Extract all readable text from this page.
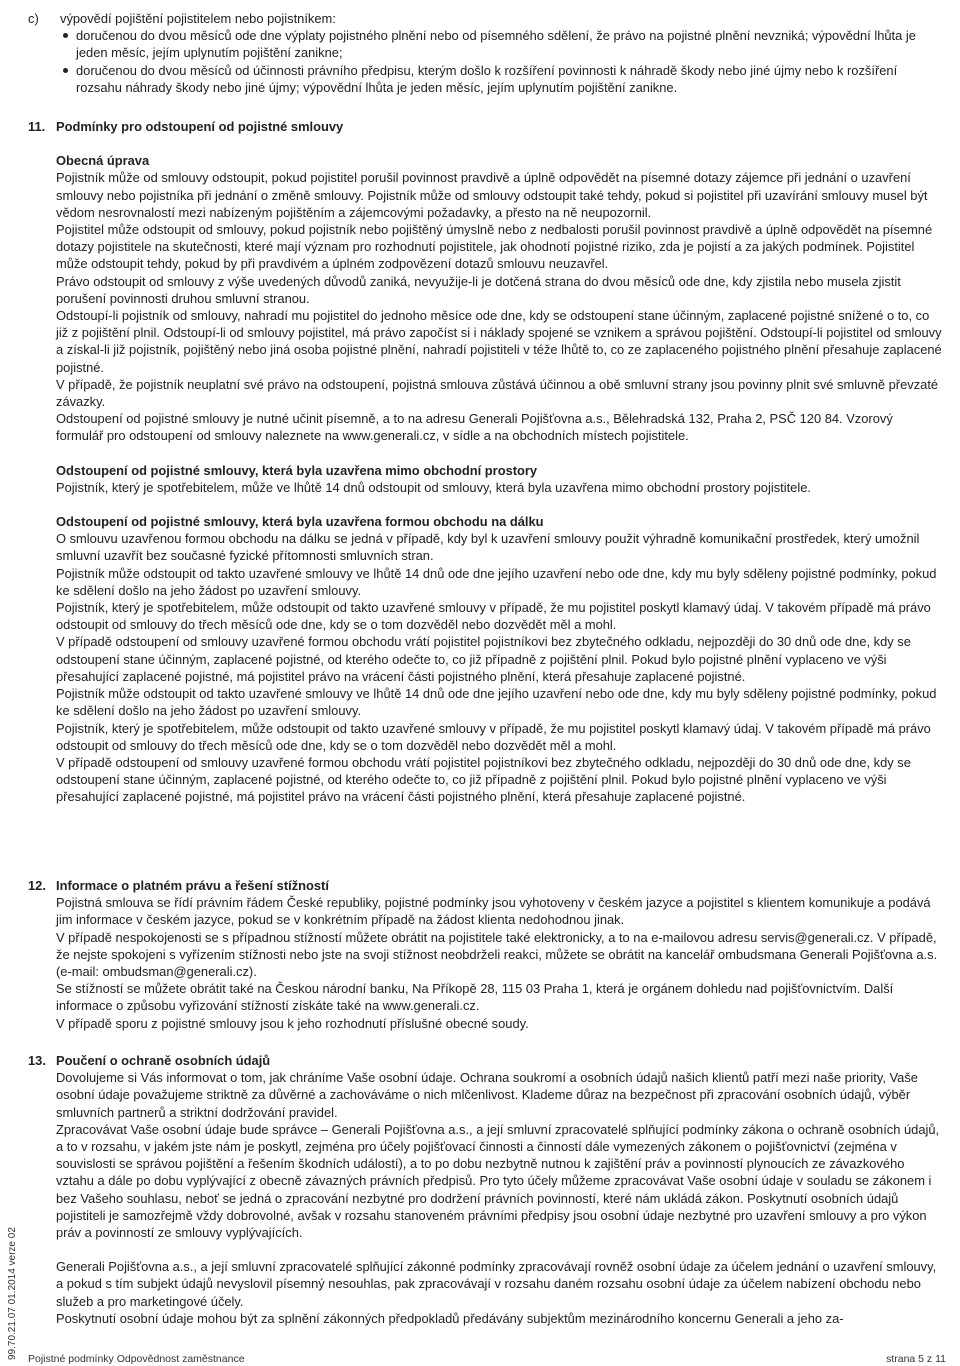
c)	výpovědí pojištění pojistitelem nebo pojistníkem:
doručenou do dvou měsíců ode dne výplaty pojistného plnění nebo od písemného sdělení, že právo na pojistné plnění nevzniká; výpovědní lhůta je jeden měsíc, jejím uplynutím pojištění zanikne;
doručenou do dvou měsíců od účinnosti právního předpisu, kterým došlo k rozšíření povinnosti k náhradě škody nebo jiné újmy nebo k rozšíření rozsahu náhrady škody nebo jiné újmy; výpovědní lhůta je jeden měsíc, jejím uplynutím pojištění zanikne.
11. Podmínky pro odstoupení od pojistné smlouvy

Obecná úprava

Pojistník může od smlouvy odstoupit, pokud pojistitel porušil povinnost pravdivě a úplně odpovědět na písemné dotazy zájemce při jednání o uzavření smlouvy nebo pojistníka při jednání o změně smlouvy. Pojistník může od smlouvy odstoupit také tehdy, pokud si pojistitel při uzavírání smlouvy musel být vědom nesrovnalostí mezi nabízeným pojištěním a zájemcovými požadavky, a přesto na ně neupozornil.

Pojistitel může odstoupit od smlouvy, pokud pojistník nebo pojištěný úmyslně nebo z nedbalosti porušil povinnost pravdivě a úplně odpovědět na písemné dotazy pojistitele na skutečnosti, které mají význam pro rozhodnutí pojistitele, jak ohodnotí pojistné riziko, zda je pojistí a za jakých podmínek. Pojistitel může odstoupit tehdy, pokud by při pravdivém a úplném zodpovězení dotazů smlouvu neuzavřel.

Právo odstoupit od smlouvy z výše uvedených důvodů zaniká, nevyužije-li je dotčená strana do dvou měsíců ode dne, kdy zjistila nebo musela zjistit porušení povinnosti druhou smluvní stranou.

Odstoupí-li pojistník od smlouvy, nahradí mu pojistitel do jednoho měsíce ode dne, kdy se odstoupení stane účinným, zaplacené pojistné snížené o to, co již z pojištění plnil. Odstoupí-li od smlouvy pojistitel, má právo započíst si i náklady spojené se vznikem a správou pojištění. Odstoupí-li pojistitel od smlouvy a získal-li již pojistník, pojištěný nebo jiná osoba pojistné plnění, nahradí pojistiteli v téže lhůtě to, co ze zaplaceného pojistného plnění přesahuje zaplacené pojistné.

V případě, že pojistník neuplatní své právo na odstoupení, pojistná smlouva zůstává účinnou a obě smluvní strany jsou povinny plnit své smluvně převzaté závazky.

Odstoupení od pojistné smlouvy je nutné učinit písemně, a to na adresu Generali Pojišťovna a.s., Bělehradská 132, Praha 2, PSČ 120 84. Vzorový formulář pro odstoupení od smlouvy naleznete na www.generali.cz, v sídle a na obchodních místech pojistitele.

Odstoupení od pojistné smlouvy, která byla uzavřena mimo obchodní prostory

Pojistník, který je spotřebitelem, může ve lhůtě 14 dnů odstoupit od smlouvy, která byla uzavřena mimo obchodní prostory pojistitele.

Odstoupení od pojistné smlouvy, která byla uzavřena formou obchodu na dálku

O smlouvu uzavřenou formou obchodu na dálku se jedná v případě, kdy byl k uzavření smlouvy použit výhradně komunikační prostředek, který umožnil smluvní uzavřít bez současné fyzické přítomnosti smluvních stran.

Pojistník může odstoupit od takto uzavřené smlouvy ve lhůtě 14 dnů ode dne jejího uzavření nebo ode dne, kdy mu byly sděleny pojistné podmínky, pokud ke sdělení došlo na jeho žádost po uzavření smlouvy.

Pojistník, který je spotřebitelem, může odstoupit od takto uzavřené smlouvy v případě, že mu pojistitel poskytl klamavý údaj. V takovém případě má právo odstoupit od smlouvy do třech měsíců ode dne, kdy se o tom dozvěděl nebo dozvědět měl a mohl.

V případě odstoupení od smlouvy uzavřené formou obchodu vrátí pojistitel pojistníkovi bez zbytečného odkladu, nejpozději do 30 dnů ode dne, kdy se odstoupení stane účinným, zaplacené pojistné, od kterého odečte to, co již případně z pojištění plnil. Pokud bylo pojistné plnění vyplaceno ve výši přesahující zaplacené pojistné, má pojistitel právo na vrácení části pojistného plnění, která přesahuje zaplacené pojistné.

Pojistník může odstoupit od takto uzavřené smlouvy ve lhůtě 14 dnů ode dne jejího uzavření nebo ode dne, kdy mu byly sděleny pojistné podmínky, pokud ke sdělení došlo na jeho žádost po uzavření smlouvy.

Pojistník, který je spotřebitelem, může odstoupit od takto uzavřené smlouvy v případě, že mu pojistitel poskytl klamavý údaj. V takovém případě má právo odstoupit od smlouvy do třech měsíců ode dne, kdy se o tom dozvěděl nebo dozvědět měl a mohl.

V případě odstoupení od smlouvy uzavřené formou obchodu vrátí pojistitel pojistníkovi bez zbytečného odkladu, nejpozději do 30 dnů ode dne, kdy se odstoupení stane účinným, zaplacené pojistné, od kterého odečte to, co již případně z pojištění plnil. Pokud bylo pojistné plnění vyplaceno ve výši přesahující zaplacené pojistné, má pojistitel právo na vrácení části pojistného plnění, která přesahuje zaplacené pojistné.

12. Informace o platném právu a řešení stížností

Pojistná smlouva se řídí právním řádem České republiky, pojistné podmínky jsou vyhotoveny v českém jazyce a pojistitel s klientem komunikuje a podává jim informace v českém jazyce, pokud se v konkrétním případě na žádost klienta nedohodnou jinak.

V případě nespokojenosti se s případnou stížností můžete obrátit na pojistitele také elektronicky, a to na e-mailovou adresu servis@generali.cz. V případě, že nejste spokojeni s vyřízením stížnosti nebo jste na svoji stížnost neobdrželi reakci, můžete se obrátit na kancelář ombudsmana Generali Pojišťovna a.s. (e-mail: ombudsman@generali.cz).

Se stížností se můžete obrátit také na Českou národní banku, Na Příkopě 28, 115 03 Praha 1, která je orgánem dohledu nad pojišťovnictvím. Další informace o způsobu vyřizování stížností získáte také na www.generali.cz.

V případě sporu z pojistné smlouvy jsou k jeho rozhodnutí příslušné obecné soudy.

13. Poučení o ochraně osobních údajů

Dovolujeme si Vás informovat o tom, jak chráníme Vaše osobní údaje. Ochrana soukromí a osobních údajů našich klientů patří mezi naše priority, Vaše osobní údaje považujeme striktně za důvěrné a zachováváme o nich mlčenlivost. Klademe důraz na bezpečnost při zpracování osobních údajů, výběr smluvních partnerů a striktní dodržování pravidel.

Zpracovávat Vaše osobní údaje bude správce – Generali Pojišťovna a.s., a její smluvní zpracovatelé splňující podmínky zákona o ochraně osobních údajů, a to v rozsahu, v jakém jste nám je poskytl, zejména pro účely pojišťovací činnosti a činností dále vymezených zákonem o pojišťovnictví (zejména v souvislosti se správou pojištění a řešením škodních událostí), a to po dobu nezbytně nutnou k zajištění práv a povinností plynoucích ze závazkového vztahu a dále po dobu vyplývající z obecně závazných právních předpisů. Pro tyto účely můžeme zpracovávat Vaše osobní údaje v souladu se zákonem i bez Vašeho souhlasu, neboť se jedná o zpracování nezbytné pro dodržení právních povinností, které nám ukládá zákon. Poskytnutí osobních údajů pojistiteli je samozřejmě vždy dobrovolné, avšak v rozsahu stanoveném právními předpisy jsou osobní údaje nezbytné pro uzavření smlouvy a pro výkon práv a povinností ze smlouvy vyplývajících.

Generali Pojišťovna a.s., a její smluvní zpracovatelé splňující zákonné podmínky zpracovávají rovněž osobní údaje za účelem jednání o uzavření smlouvy, a pokud s tím subjekt údajů nevyslovil písemný nesouhlas, pak zpracovávají v rozsahu daném rozsahu osobní údaje za účelem nabízení obchodu nebo služeb a pro marketingové účely.

Poskytnutí osobní údaje mohou být za splnění zákonných předpokladů předávány subjektům mezinárodního koncernu Generali a jeho za-

99.70.21.07 01.2014 verze 02 Pojistné podmínky Odpovědnost zaměstnance	strana 5 z 11
